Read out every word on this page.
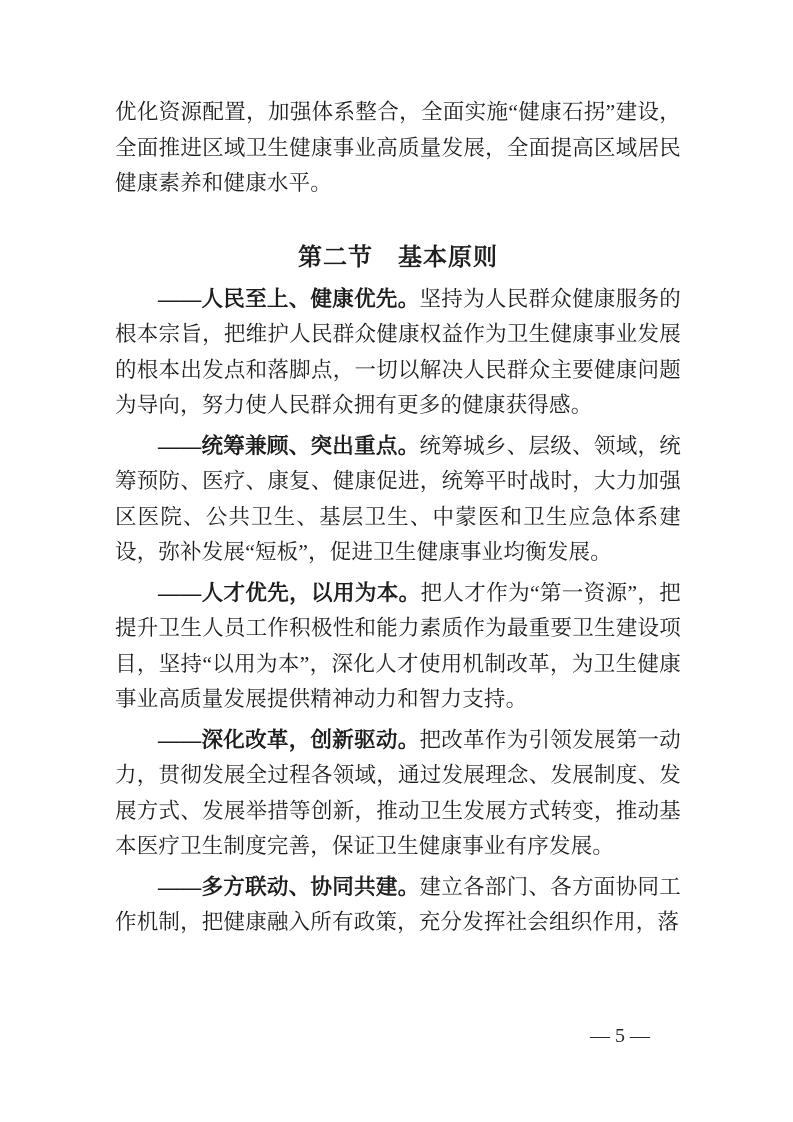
优化资源配置，加强体系整合，全面实施“健康石拐”建设，全面推进区域卫生健康事业高质量发展，全面提高区域居民健康素养和健康水平。

第二节　基本原则

——人民至上、健康优先。坚持为人民群众健康服务的根本宗旨，把维护人民群众健康权益作为卫生健康事业发展的根本出发点和落脚点，一切以解决人民群众主要健康问题为导向，努力使人民群众拥有更多的健康获得感。

——统筹兼顾、突出重点。统筹城乡、层级、领域，统筹预防、医疗、康复、健康促进，统筹平时战时，大力加强区医院、公共卫生、基层卫生、中蒙医和卫生应急体系建设，弥补发展“短板”，促进卫生健康事业均衡发展。

——人才优先，以用为本。把人才作为“第一资源”，把提升卫生人员工作积极性和能力素质作为最重要卫生建设项目，坚持“以用为本”，深化人才使用机制改革，为卫生健康事业高质量发展提供精神动力和智力支持。

——深化改革，创新驱动。把改革作为引领发展第一动力，贯彻发展全过程各领域，通过发展理念、发展制度、发展方式、发展举措等创新，推动卫生发展方式转变，推动基本医疗卫生制度完善，保证卫生健康事业有序发展。

——多方联动、协同共建。建立各部门、各方面协同工作机制，把健康融入所有政策，充分发挥社会组织作用，落

— 5 —
